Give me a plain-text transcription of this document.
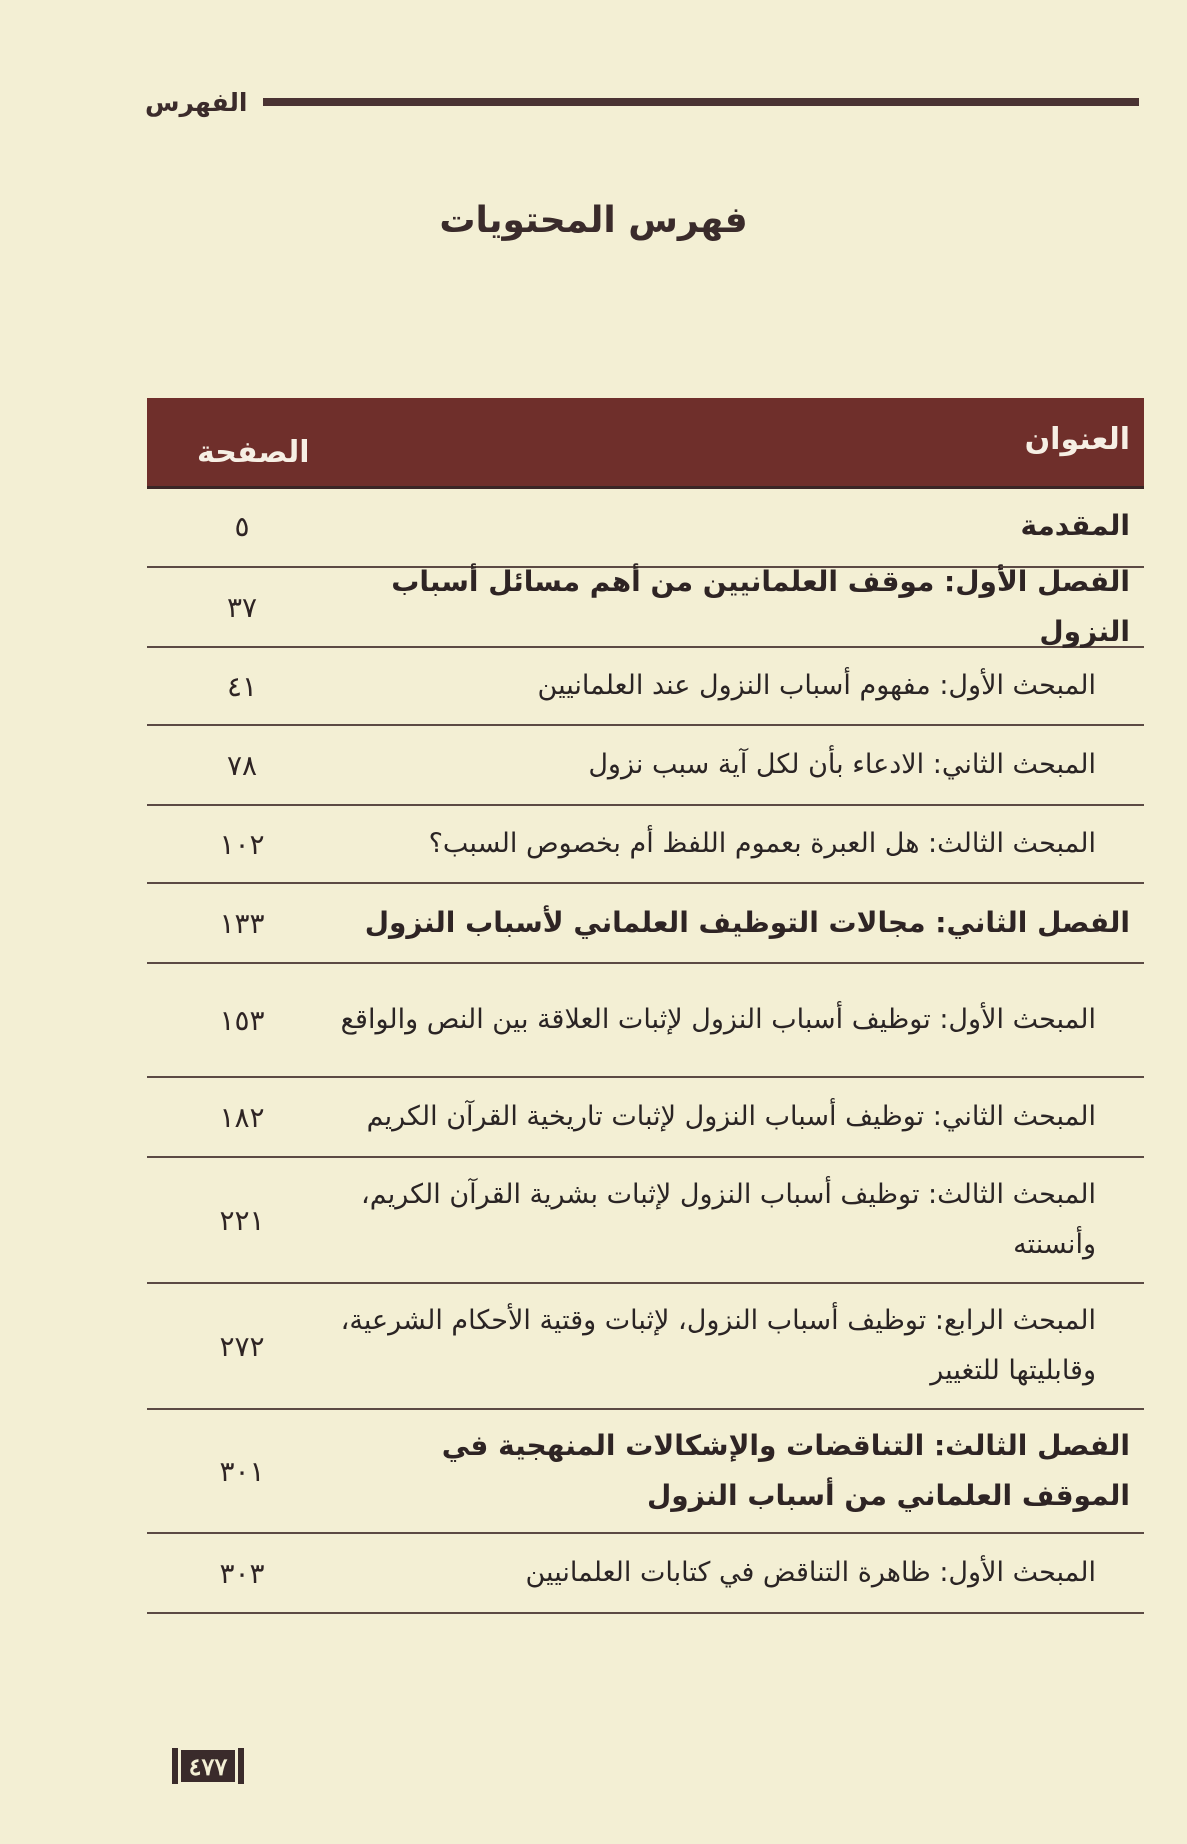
الفهرس
فهرس المحتويات
العنوان
الصفحة
المقدمة
٥
الفصل الأول: موقف العلمانيين من أهم مسائل أسباب النزول
٣٧
المبحث الأول: مفهوم أسباب النزول عند العلمانيين
٤١
المبحث الثاني: الادعاء بأن لكل آية سبب نزول
٧٨
المبحث الثالث: هل العبرة بعموم اللفظ أم بخصوص السبب؟
١٠٢
الفصل الثاني: مجالات التوظيف العلماني لأسباب النزول
١٣٣
المبحث الأول: توظيف أسباب النزول لإثبات العلاقة بين النص والواقع
١٥٣
المبحث الثاني: توظيف أسباب النزول لإثبات تاريخية القرآن الكريم
١٨٢
المبحث الثالث: توظيف أسباب النزول لإثبات بشرية القرآن الكريم، وأنسنته
٢٢١
المبحث الرابع: توظيف أسباب النزول، لإثبات وقتية الأحكام الشرعية، وقابليتها للتغيير
٢٧٢
الفصل الثالث: التناقضات والإشكالات المنهجية في الموقف العلماني من أسباب النزول
٣٠١
المبحث الأول: ظاهرة التناقض في كتابات العلمانيين
٣٠٣
٤٧٧
